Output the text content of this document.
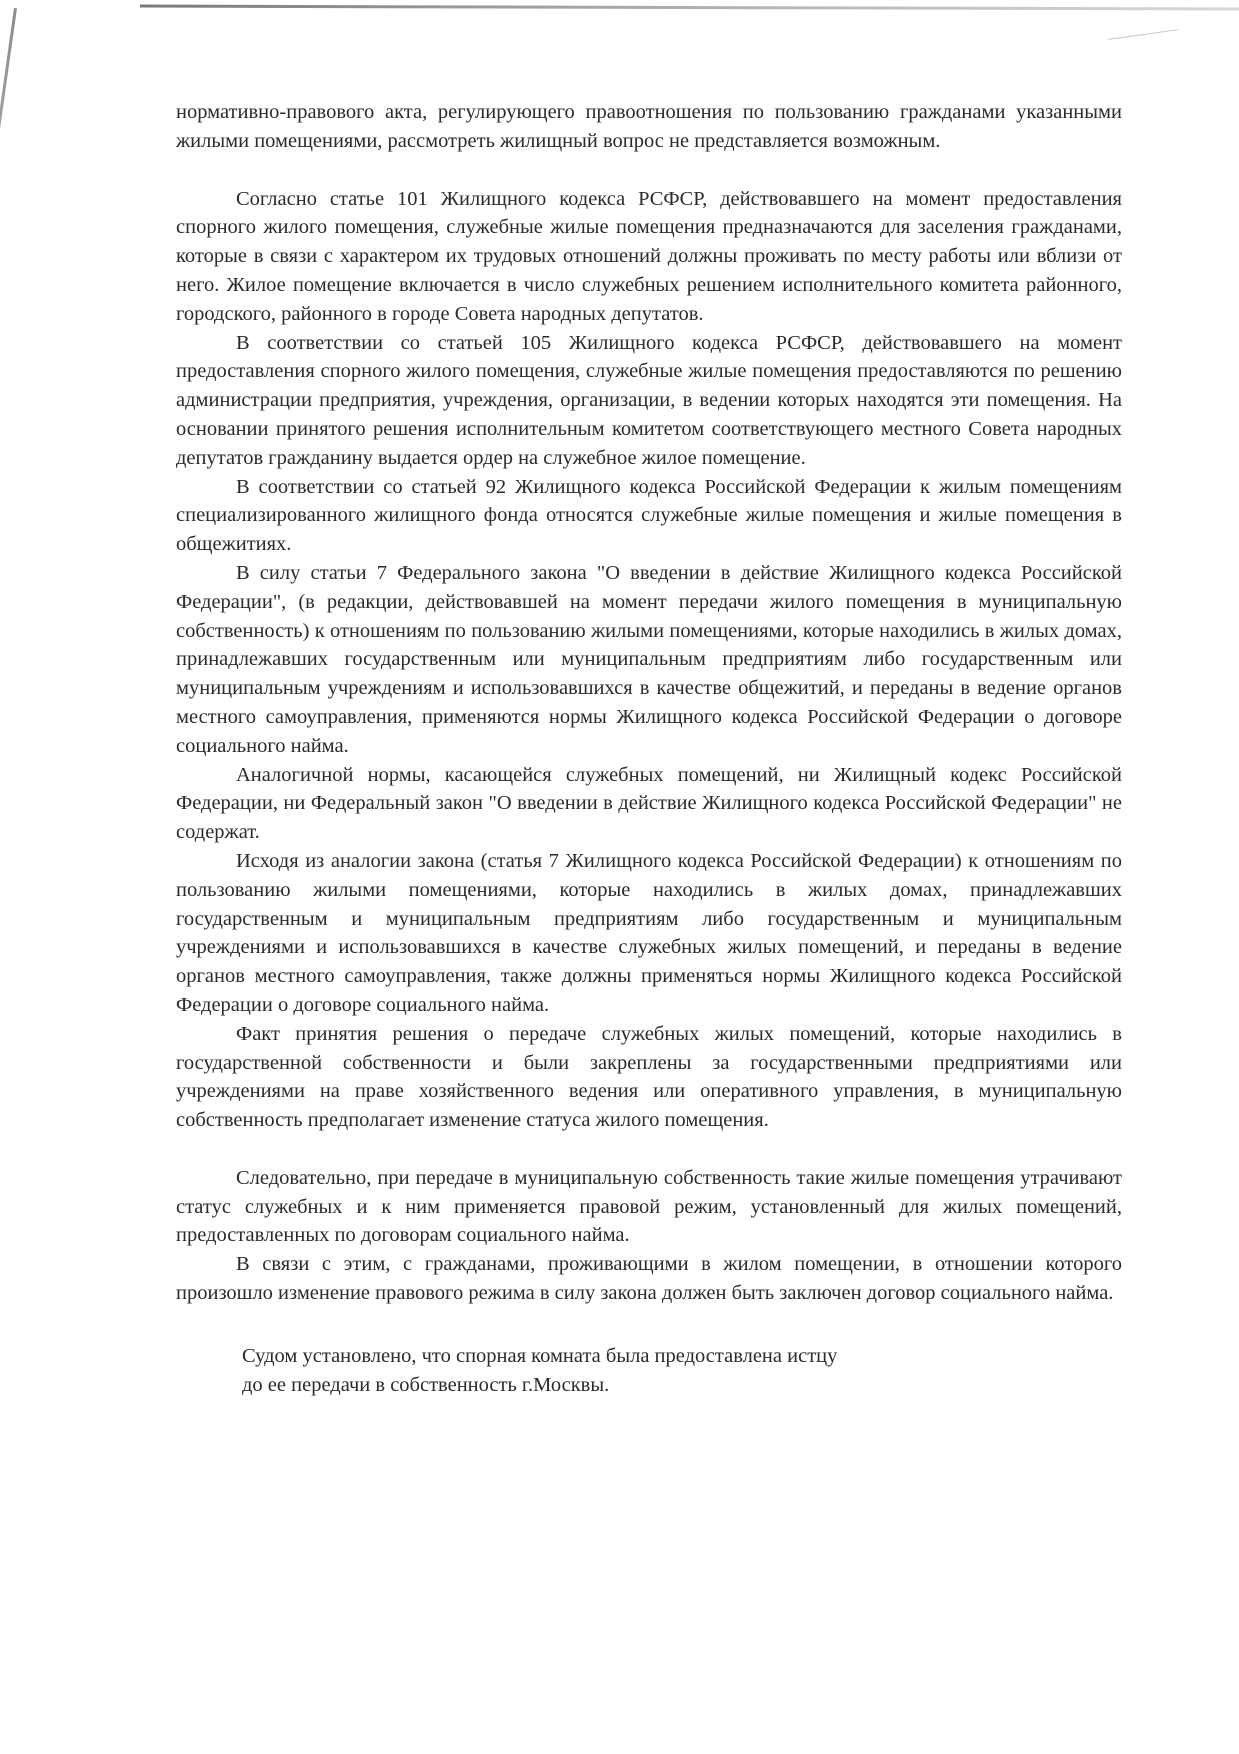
нормативно-правового акта, регулирующего правоотношения по пользованию гражданами указанными жилыми помещениями, рассмотреть жилищный вопрос не представляется возможным.

Согласно статье 101 Жилищного кодекса РСФСР, действовавшего на момент предоставления спорного жилого помещения, служебные жилые помещения предназначаются для заселения гражданами, которые в связи с характером их трудовых отношений должны проживать по месту работы или вблизи от него. Жилое помещение включается в число служебных решением исполнительного комитета районного, городского, районного в городе Совета народных депутатов.

В соответствии со статьей 105 Жилищного кодекса РСФСР, действовавшего на момент предоставления спорного жилого помещения, служебные жилые помещения предоставляются по решению администрации предприятия, учреждения, организации, в ведении которых находятся эти помещения. На основании принятого решения исполнительным комитетом соответствующего местного Совета народных депутатов гражданину выдается ордер на служебное жилое помещение.

В соответствии со статьей 92 Жилищного кодекса Российской Федерации к жилым помещениям специализированного жилищного фонда относятся служебные жилые помещения и жилые помещения в общежитиях.

В силу статьи 7 Федерального закона "О введении в действие Жилищного кодекса Российской Федерации", (в редакции, действовавшей на момент передачи жилого помещения в муниципальную собственность) к отношениям по пользованию жилыми помещениями, которые находились в жилых домах, принадлежавших государственным или муниципальным предприятиям либо государственным или муниципальным учреждениям и использовавшихся в качестве общежитий, и переданы в ведение органов местного самоуправления, применяются нормы Жилищного кодекса Российской Федерации о договоре социального найма.

Аналогичной нормы, касающейся служебных помещений, ни Жилищный кодекс Российской Федерации, ни Федеральный закон "О введении в действие Жилищного кодекса Российской Федерации" не содержат.

Исходя из аналогии закона (статья 7 Жилищного кодекса Российской Федерации) к отношениям по пользованию жилыми помещениями, которые находились в жилых домах, принадлежавших государственным и муниципальным предприятиям либо государственным и муниципальным учреждениями и использовавшихся в качестве служебных жилых помещений, и переданы в ведение органов местного самоуправления, также должны применяться нормы Жилищного кодекса Российской Федерации о договоре социального найма.

Факт принятия решения о передаче служебных жилых помещений, которые находились в государственной собственности и были закреплены за государственными предприятиями или учреждениями на праве хозяйственного ведения или оперативного управления, в муниципальную собственность предполагает изменение статуса жилого помещения.

Следовательно, при передаче в муниципальную собственность такие жилые помещения утрачивают статус служебных и к ним применяется правовой режим, установленный для жилых помещений, предоставленных по договорам социального найма.

В связи с этим, с гражданами, проживающими в жилом помещении, в отношении которого произошло изменение правового режима в силу закона должен быть заключен договор социального найма.

Судом установлено, что спорная комната была предоставлена истцу

до ее передачи в собственность г.Москвы.
